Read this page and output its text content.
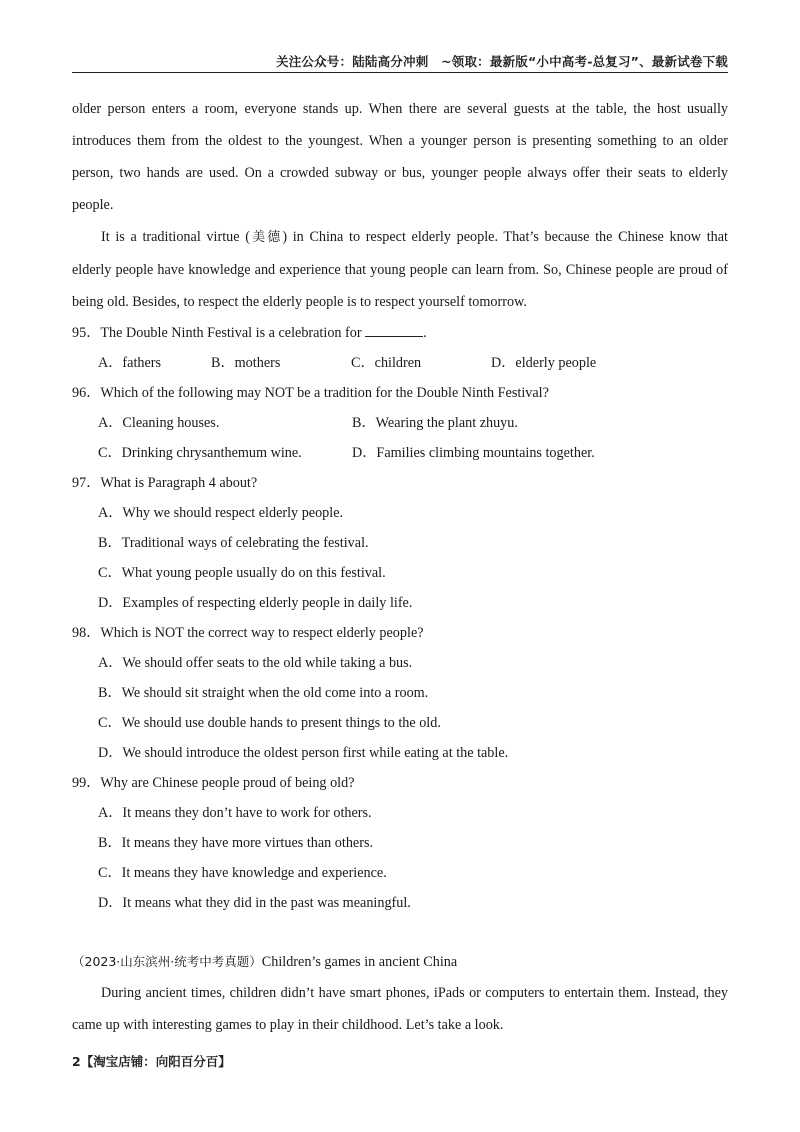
关注公众号：陆陆高分冲刺　~领取：最新版“小中高考-总复习”、最新试卷下载

older person enters a room, everyone stands up. When there are several guests at the table, the host usually introduces them from the oldest to the youngest. When a younger person is presenting something to an older person, two hands are used. On a crowded subway or bus, younger people always offer their seats to elderly people.

It is a traditional virtue (美德) in China to respect elderly people. That’s because the Chinese know that elderly people have knowledge and experience that young people can learn from. So, Chinese people are proud of being old. Besides, to respect the elderly people is to respect yourself tomorrow.

95．The Double Ninth Festival is a celebration for	.

A．fathers	B．mothers	C．children	D．elderly people

96．Which of the following may NOT be a tradition for the Double Ninth Festival?

A．Cleaning houses.	B．Wearing the plant zhuyu.
C．Drinking chrysanthemum wine.	D．Families climbing mountains together.

97．What is Paragraph 4 about?

A．Why we should respect elderly people.

B．Traditional ways of celebrating the festival.

C．What young people usually do on this festival.

D．Examples of respecting elderly people in daily life.

98．Which is NOT the correct way to respect elderly people?

A．We should offer seats to the old while taking a bus.

B．We should sit straight when the old come into a room.

C．We should use double hands to present things to the old.

D．We should introduce the oldest person first while eating at the table.

99．Why are Chinese people proud of being old?

A．It means they don’t have to work for others.

B．It means they have more virtues than others.

C．It means they have knowledge and experience.

D．It means what they did in the past was meaningful.

（2023·山东滨州·统考中考真题）Children’s games in ancient China

During ancient times, children didn’t have smart phones, iPads or computers to entertain them. Instead, they came up with interesting games to play in their childhood. Let’s take a look.

2【淘宝店铺：向阳百分百】
